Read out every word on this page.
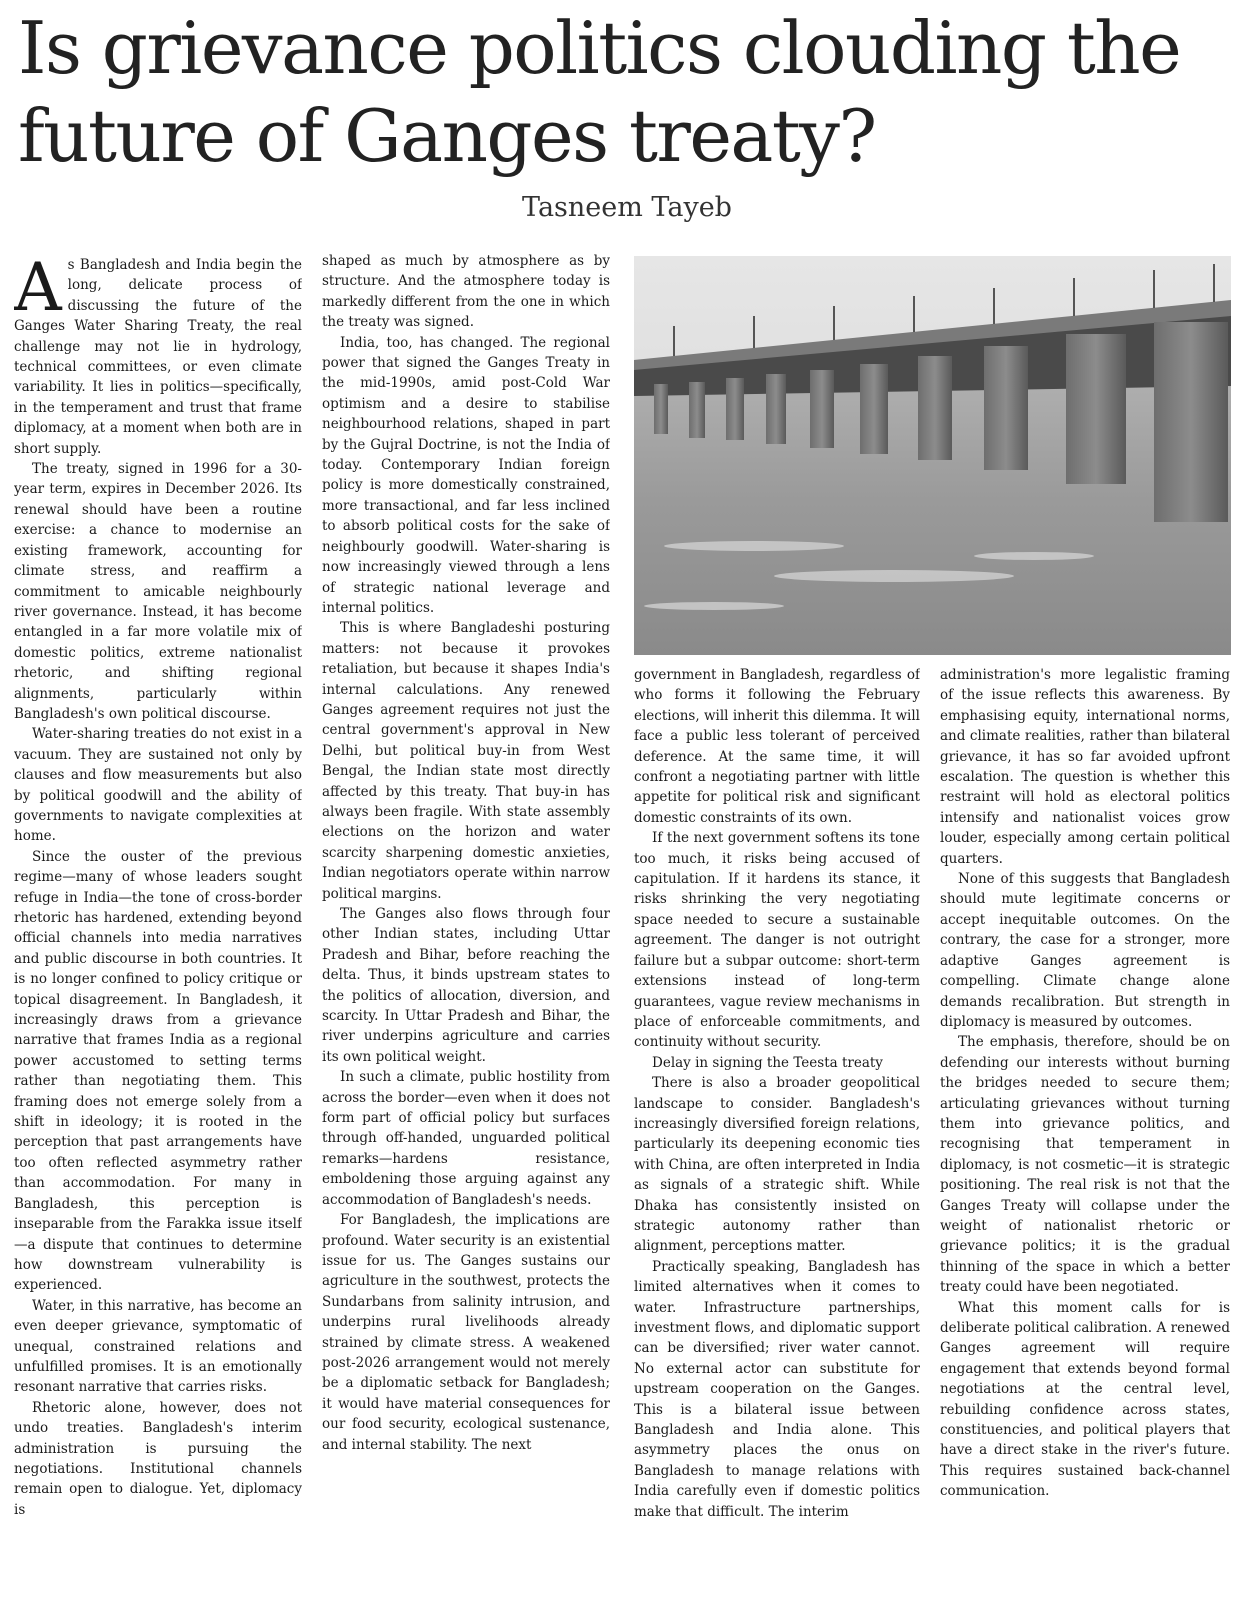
Is grievance politics clouding the future of Ganges treaty?
Tasneem Tayeb

As Bangladesh and India begin the long, delicate process of discussing the future of the Ganges Water Sharing Treaty, the real challenge may not lie in hydrology, technical committees, or even climate variability. It lies in politics—specifically, in the temperament and trust that frame diplomacy, at a moment when both are in short supply.

The treaty, signed in 1996 for a 30-year term, expires in December 2026. Its renewal should have been a routine exercise: a chance to modernise an existing framework, accounting for climate stress, and reaffirm a commitment to amicable neighbourly river governance. Instead, it has become entangled in a far more volatile mix of domestic politics, extreme nationalist rhetoric, and shifting regional alignments, particularly within Bangladesh's own political discourse.

Water-sharing treaties do not exist in a vacuum. They are sustained not only by clauses and flow measurements but also by political goodwill and the ability of governments to navigate complexities at home.

Since the ouster of the previous regime—many of whose leaders sought refuge in India—the tone of cross-border rhetoric has hardened, extending beyond official channels into media narratives and public discourse in both countries. It is no longer confined to policy critique or topical disagreement. In Bangladesh, it increasingly draws from a grievance narrative that frames India as a regional power accustomed to setting terms rather than negotiating them. This framing does not emerge solely from a shift in ideology; it is rooted in the perception that past arrangements have too often reflected asymmetry rather than accommodation. For many in Bangladesh, this perception is inseparable from the Farakka issue itself—a dispute that continues to determine how downstream vulnerability is experienced.

Water, in this narrative, has become an even deeper grievance, symptomatic of unequal, constrained relations and unfulfilled promises. It is an emotionally resonant narrative that carries risks.

Rhetoric alone, however, does not undo treaties. Bangladesh's interim administration is pursuing the negotiations. Institutional channels remain open to dialogue. Yet, diplomacy is

shaped as much by atmosphere as by structure. And the atmosphere today is markedly different from the one in which the treaty was signed.

India, too, has changed. The regional power that signed the Ganges Treaty in the mid-1990s, amid post-Cold War optimism and a desire to stabilise neighbourhood relations, shaped in part by the Gujral Doctrine, is not the India of today. Contemporary Indian foreign policy is more domestically constrained, more transactional, and far less inclined to absorb political costs for the sake of neighbourly goodwill. Water-sharing is now increasingly viewed through a lens of strategic national leverage and internal politics.

This is where Bangladeshi posturing matters: not because it provokes retaliation, but because it shapes India's internal calculations. Any renewed Ganges agreement requires not just the central government's approval in New Delhi, but political buy-in from West Bengal, the Indian state most directly affected by this treaty. That buy-in has always been fragile. With state assembly elections on the horizon and water scarcity sharpening domestic anxieties, Indian negotiators operate within narrow political margins.

The Ganges also flows through four other Indian states, including Uttar Pradesh and Bihar, before reaching the delta. Thus, it binds upstream states to the politics of allocation, diversion, and scarcity. In Uttar Pradesh and Bihar, the river underpins agriculture and carries its own political weight.

In such a climate, public hostility from across the border—even when it does not form part of official policy but surfaces through off-handed, unguarded political remarks—hardens resistance, emboldening those arguing against any accommodation of Bangladesh's needs.

For Bangladesh, the implications are profound. Water security is an existential issue for us. The Ganges sustains our agriculture in the southwest, protects the Sundarbans from salinity intrusion, and underpins rural livelihoods already strained by climate stress. A weakened post-2026 arrangement would not merely be a diplomatic setback for Bangladesh; it would have material consequences for our food security, ecological sustenance, and internal stability. The next

government in Bangladesh, regardless of who forms it following the February elections, will inherit this dilemma. It will face a public less tolerant of perceived deference. At the same time, it will confront a negotiating partner with little appetite for political risk and significant domestic constraints of its own.

If the next government softens its tone too much, it risks being accused of capitulation. If it hardens its stance, it risks shrinking the very negotiating space needed to secure a sustainable agreement. The danger is not outright failure but a subpar outcome: short-term extensions instead of long-term guarantees, vague review mechanisms in place of enforceable commitments, and continuity without security.

Delay in signing the Teesta treaty

There is also a broader geopolitical landscape to consider. Bangladesh's increasingly diversified foreign relations, particularly its deepening economic ties with China, are often interpreted in India as signals of a strategic shift. While Dhaka has consistently insisted on strategic autonomy rather than alignment, perceptions matter.

Practically speaking, Bangladesh has limited alternatives when it comes to water. Infrastructure partnerships, investment flows, and diplomatic support can be diversified; river water cannot. No external actor can substitute for upstream cooperation on the Ganges. This is a bilateral issue between Bangladesh and India alone. This asymmetry places the onus on Bangladesh to manage relations with India carefully even if domestic politics make that difficult. The interim

administration's more legalistic framing of the issue reflects this awareness. By emphasising equity, international norms, and climate realities, rather than bilateral grievance, it has so far avoided upfront escalation. The question is whether this restraint will hold as electoral politics intensify and nationalist voices grow louder, especially among certain political quarters.

None of this suggests that Bangladesh should mute legitimate concerns or accept inequitable outcomes. On the contrary, the case for a stronger, more adaptive Ganges agreement is compelling. Climate change alone demands recalibration. But strength in diplomacy is measured by outcomes.

The emphasis, therefore, should be on defending our interests without burning the bridges needed to secure them; articulating grievances without turning them into grievance politics, and recognising that temperament in diplomacy, is not cosmetic—it is strategic positioning. The real risk is not that the Ganges Treaty will collapse under the weight of nationalist rhetoric or grievance politics; it is the gradual thinning of the space in which a better treaty could have been negotiated.

What this moment calls for is deliberate political calibration. A renewed Ganges agreement will require engagement that extends beyond formal negotiations at the central level, rebuilding confidence across states, constituencies, and political players that have a direct stake in the river's future. This requires sustained back-channel communication.
